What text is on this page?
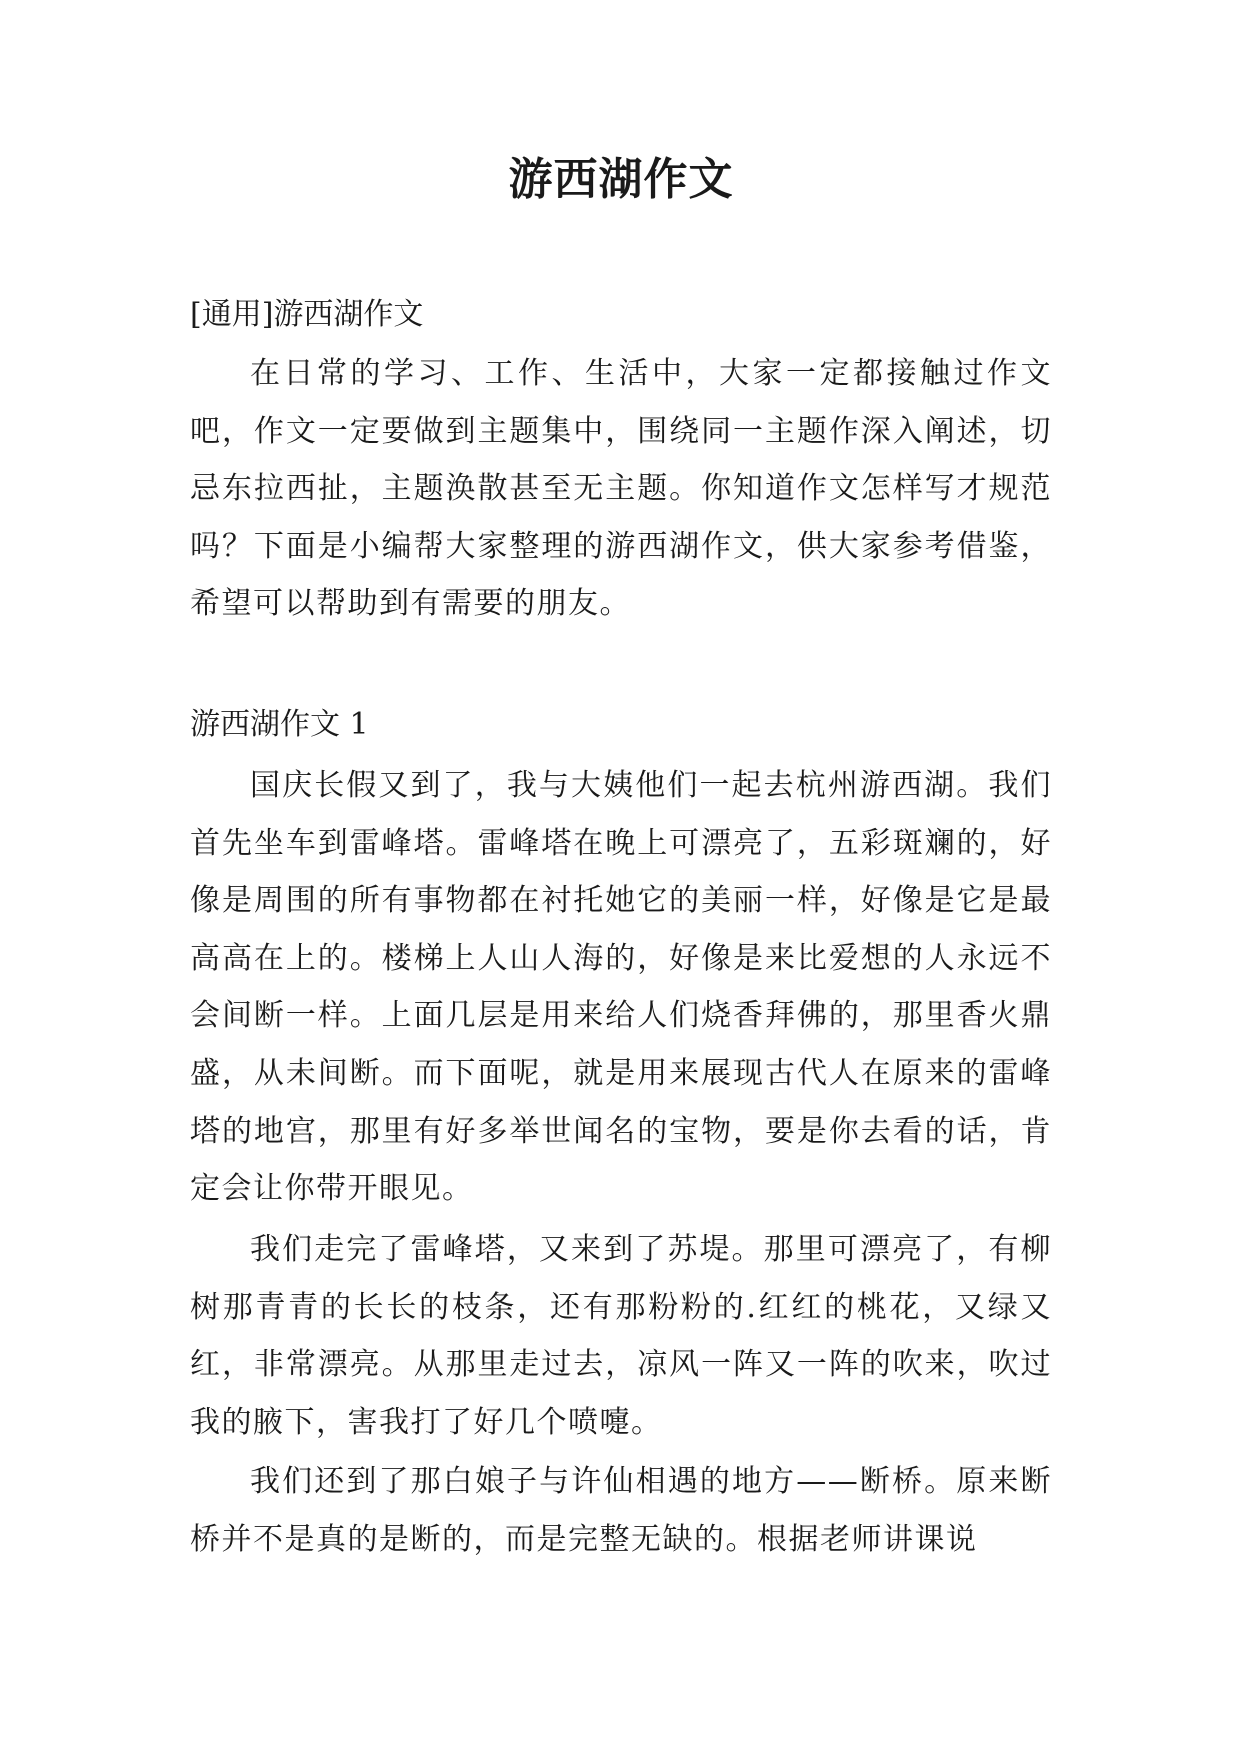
游西湖作文

[通用]游西湖作文

在日常的学习、工作、生活中，大家一定都接触过作文吧，作文一定要做到主题集中，围绕同一主题作深入阐述，切忌东拉西扯，主题涣散甚至无主题。你知道作文怎样写才规范吗？下面是小编帮大家整理的游西湖作文，供大家参考借鉴，希望可以帮助到有需要的朋友。

游西湖作文 1

国庆长假又到了，我与大姨他们一起去杭州游西湖。我们首先坐车到雷峰塔。雷峰塔在晚上可漂亮了，五彩斑斓的，好像是周围的所有事物都在衬托她它的美丽一样，好像是它是最高高在上的。楼梯上人山人海的，好像是来比爱想的人永远不会间断一样。上面几层是用来给人们烧香拜佛的，那里香火鼎盛，从未间断。而下面呢，就是用来展现古代人在原来的雷峰塔的地宫，那里有好多举世闻名的宝物，要是你去看的话，肯定会让你带开眼见。

我们走完了雷峰塔，又来到了苏堤。那里可漂亮了，有柳树那青青的长长的枝条，还有那粉粉的.红红的桃花，又绿又红，非常漂亮。从那里走过去，凉风一阵又一阵的吹来，吹过我的腋下，害我打了好几个喷嚏。

我们还到了那白娘子与许仙相遇的地方——断桥。原来断桥并不是真的是断的，而是完整无缺的。根据老师讲课说
